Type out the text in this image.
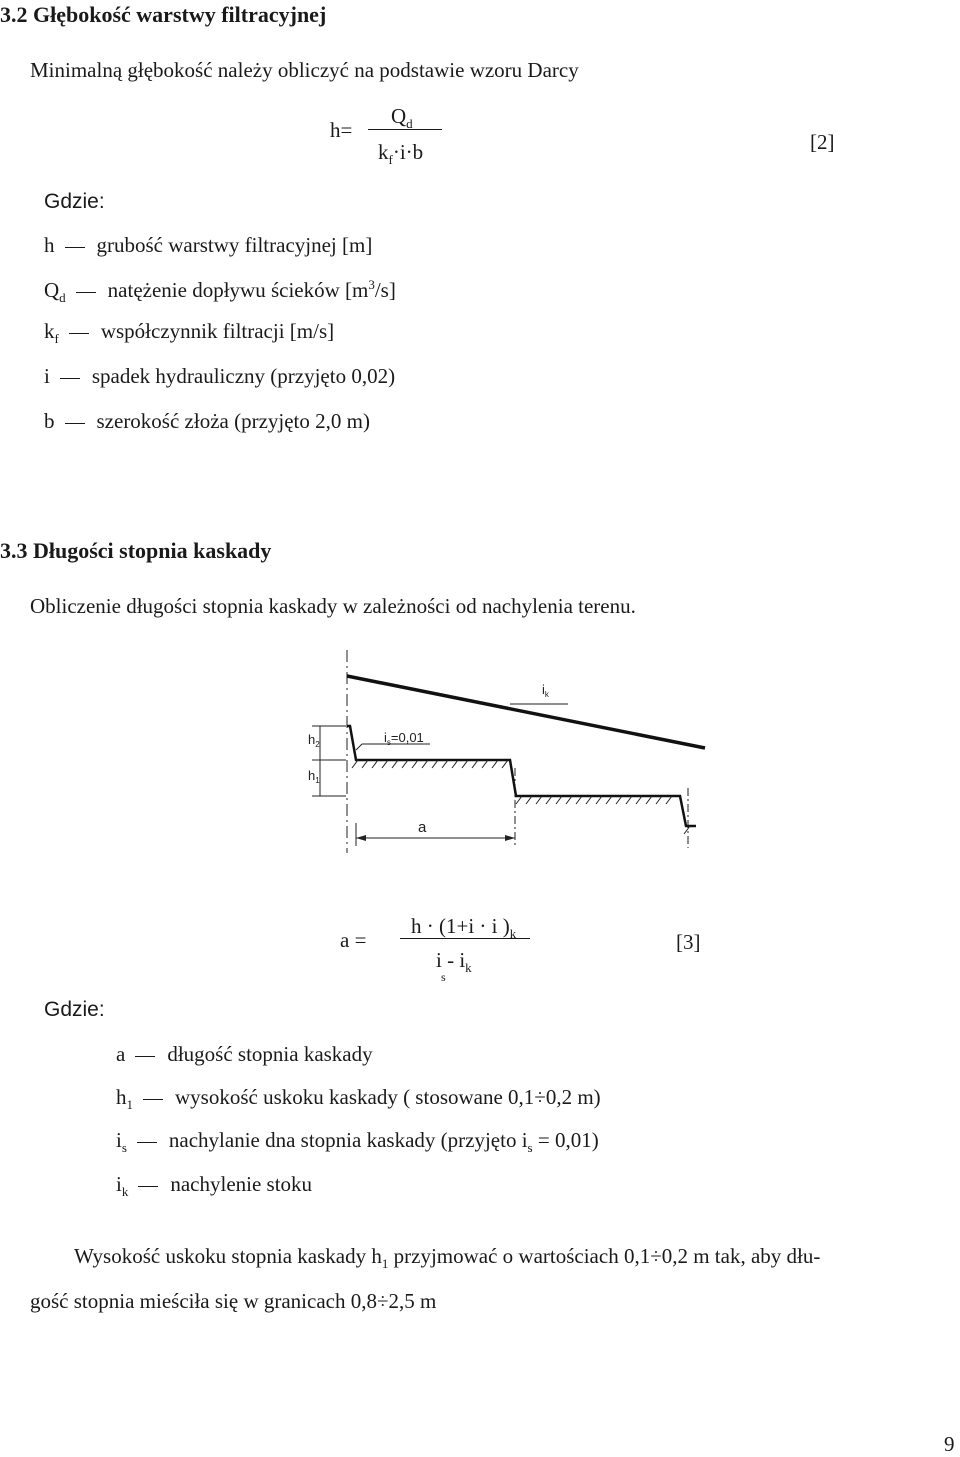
3.2 Głębokość warstwy filtracyjnej
Minimalną głębokość należy obliczyć na podstawie wzoru Darcy
h=
$Q_d$
$k_f\cdot i\cdot b$	[2]
Gdzie:
h grubość warstwy filtracyjnej [m]
$Q_d$ natężenie dopływu ścieków $[m^3/s]$
$k_f$ współczynnik filtracji [m/s]
i spadek hydrauliczny (przyjęto 0,02)
b szerokość złoża (przyjęto 2,0 m)
3.3 Długości stopnia kaskady
Obliczenie długości stopnia kaskady w zależności od nachylenia terenu.
$i_k$
$h_2$
$h_1$
$i_s=0,01$
a
a =
h · (1+i · i )$_k$
i - $i_k$
s
[3]
Gdzie:
a długość stopnia kaskady
$h_1$ wysokość uskoku kaskady ( stosowane 0,1÷0,2 m)
$i_s$ nachylanie dna stopnia kaskady (przyjęto $i_s = 0,01$)
$i_k$ nachylenie stoku
Wysokość uskoku stopnia kaskady $h_1$ przyjmować o wartościach 0,1÷0,2 m tak, aby dłu-
gość stopnia mieściła się w granicach 0,8÷2,5 m
9
